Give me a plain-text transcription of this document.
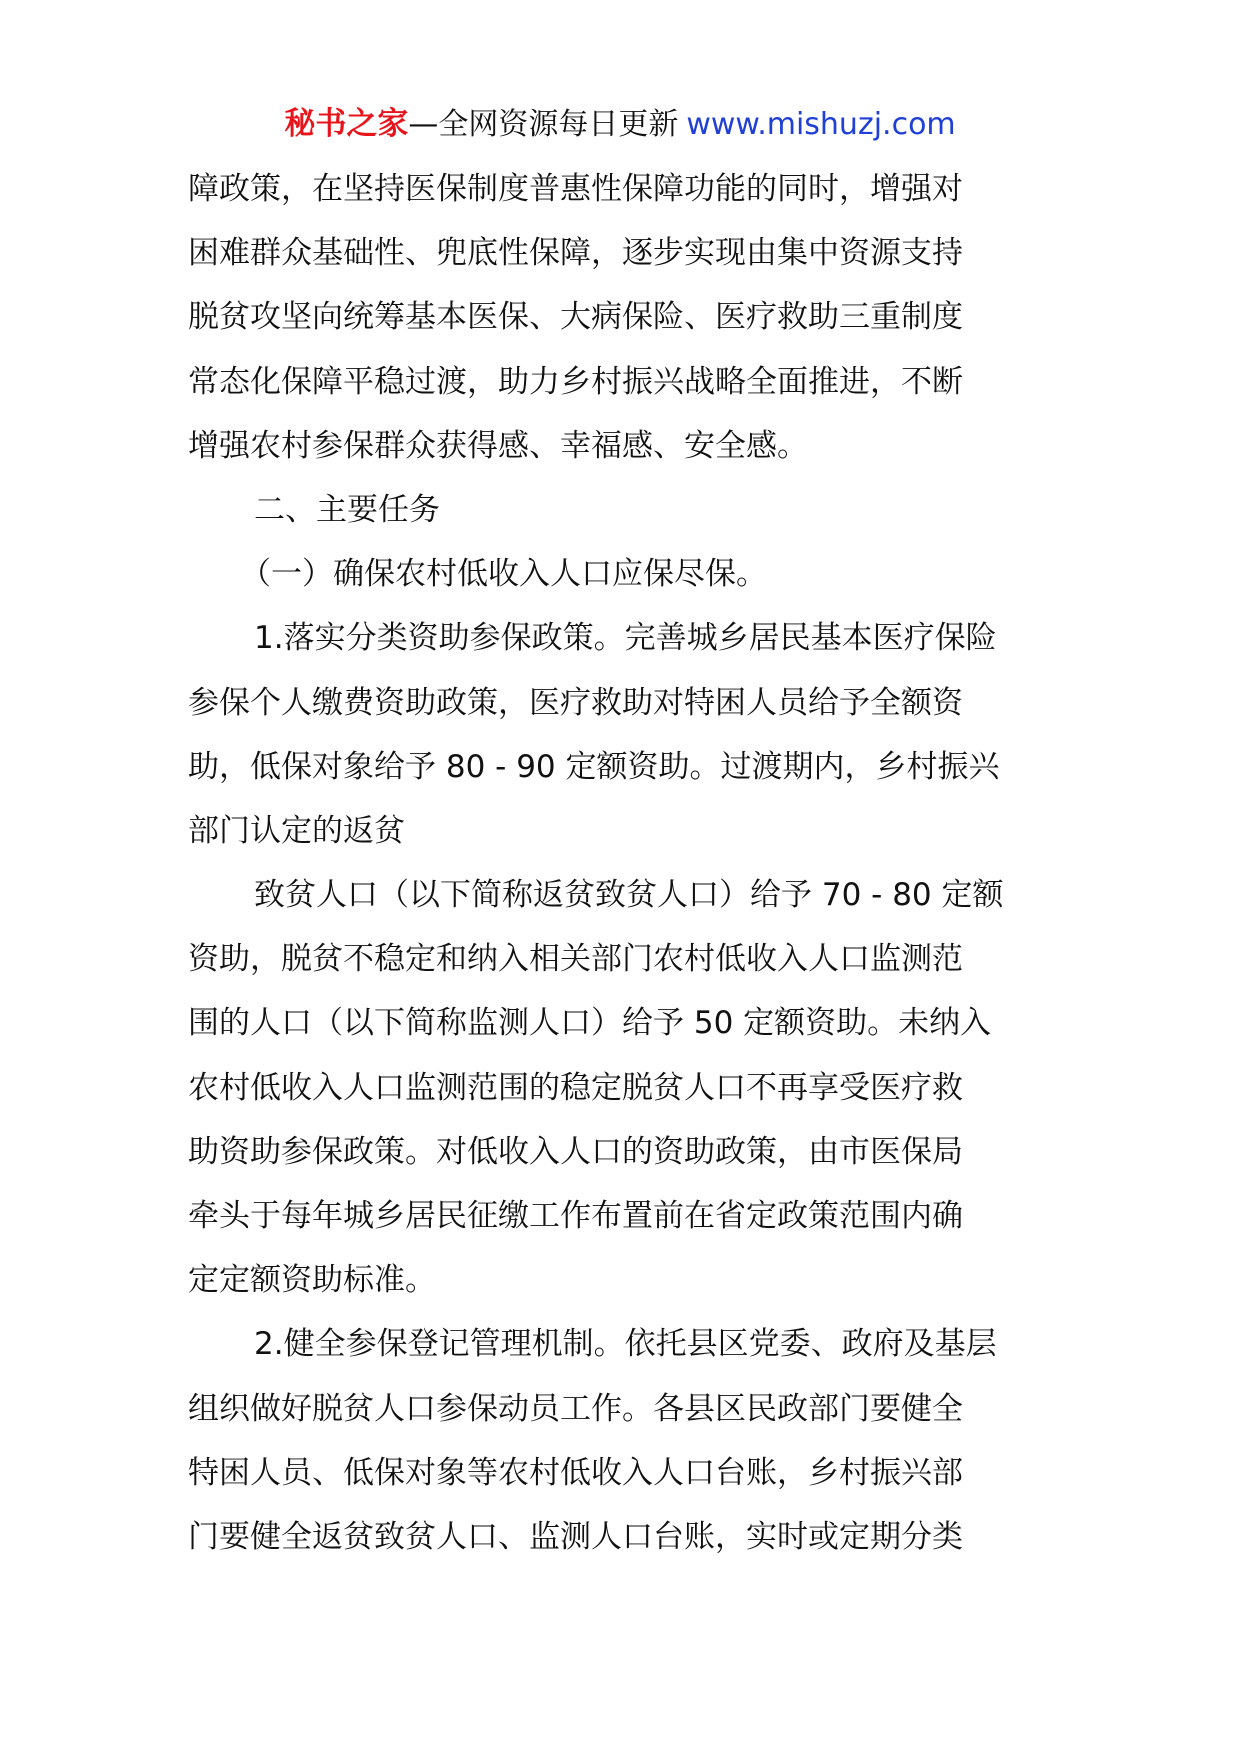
秘书之家—全网资源每日更新 www.mishuzj.com
障政策，在坚持医保制度普惠性保障功能的同时，增强对
困难群众基础性、兜底性保障，逐步实现由集中资源支持
脱贫攻坚向统筹基本医保、大病保险、医疗救助三重制度
常态化保障平稳过渡，助力乡村振兴战略全面推进，不断
增强农村参保群众获得感、幸福感、安全感。
二、主要任务
（一）确保农村低收入人口应保尽保。
1.落实分类资助参保政策。完善城乡居民基本医疗保险
参保个人缴费资助政策，医疗救助对特困人员给予全额资
助，低保对象给予 80 - 90 定额资助。过渡期内，乡村振兴
部门认定的返贫
致贫人口（以下简称返贫致贫人口）给予 70 - 80 定额
资助，脱贫不稳定和纳入相关部门农村低收入人口监测范
围的人口（以下简称监测人口）给予 50 定额资助。未纳入
农村低收入人口监测范围的稳定脱贫人口不再享受医疗救
助资助参保政策。对低收入人口的资助政策，由市医保局
牵头于每年城乡居民征缴工作布置前在省定政策范围内确
定定额资助标准。
2.健全参保登记管理机制。依托县区党委、政府及基层
组织做好脱贫人口参保动员工作。各县区民政部门要健全
特困人员、低保对象等农村低收入人口台账，乡村振兴部
门要健全返贫致贫人口、监测人口台账，实时或定期分类
